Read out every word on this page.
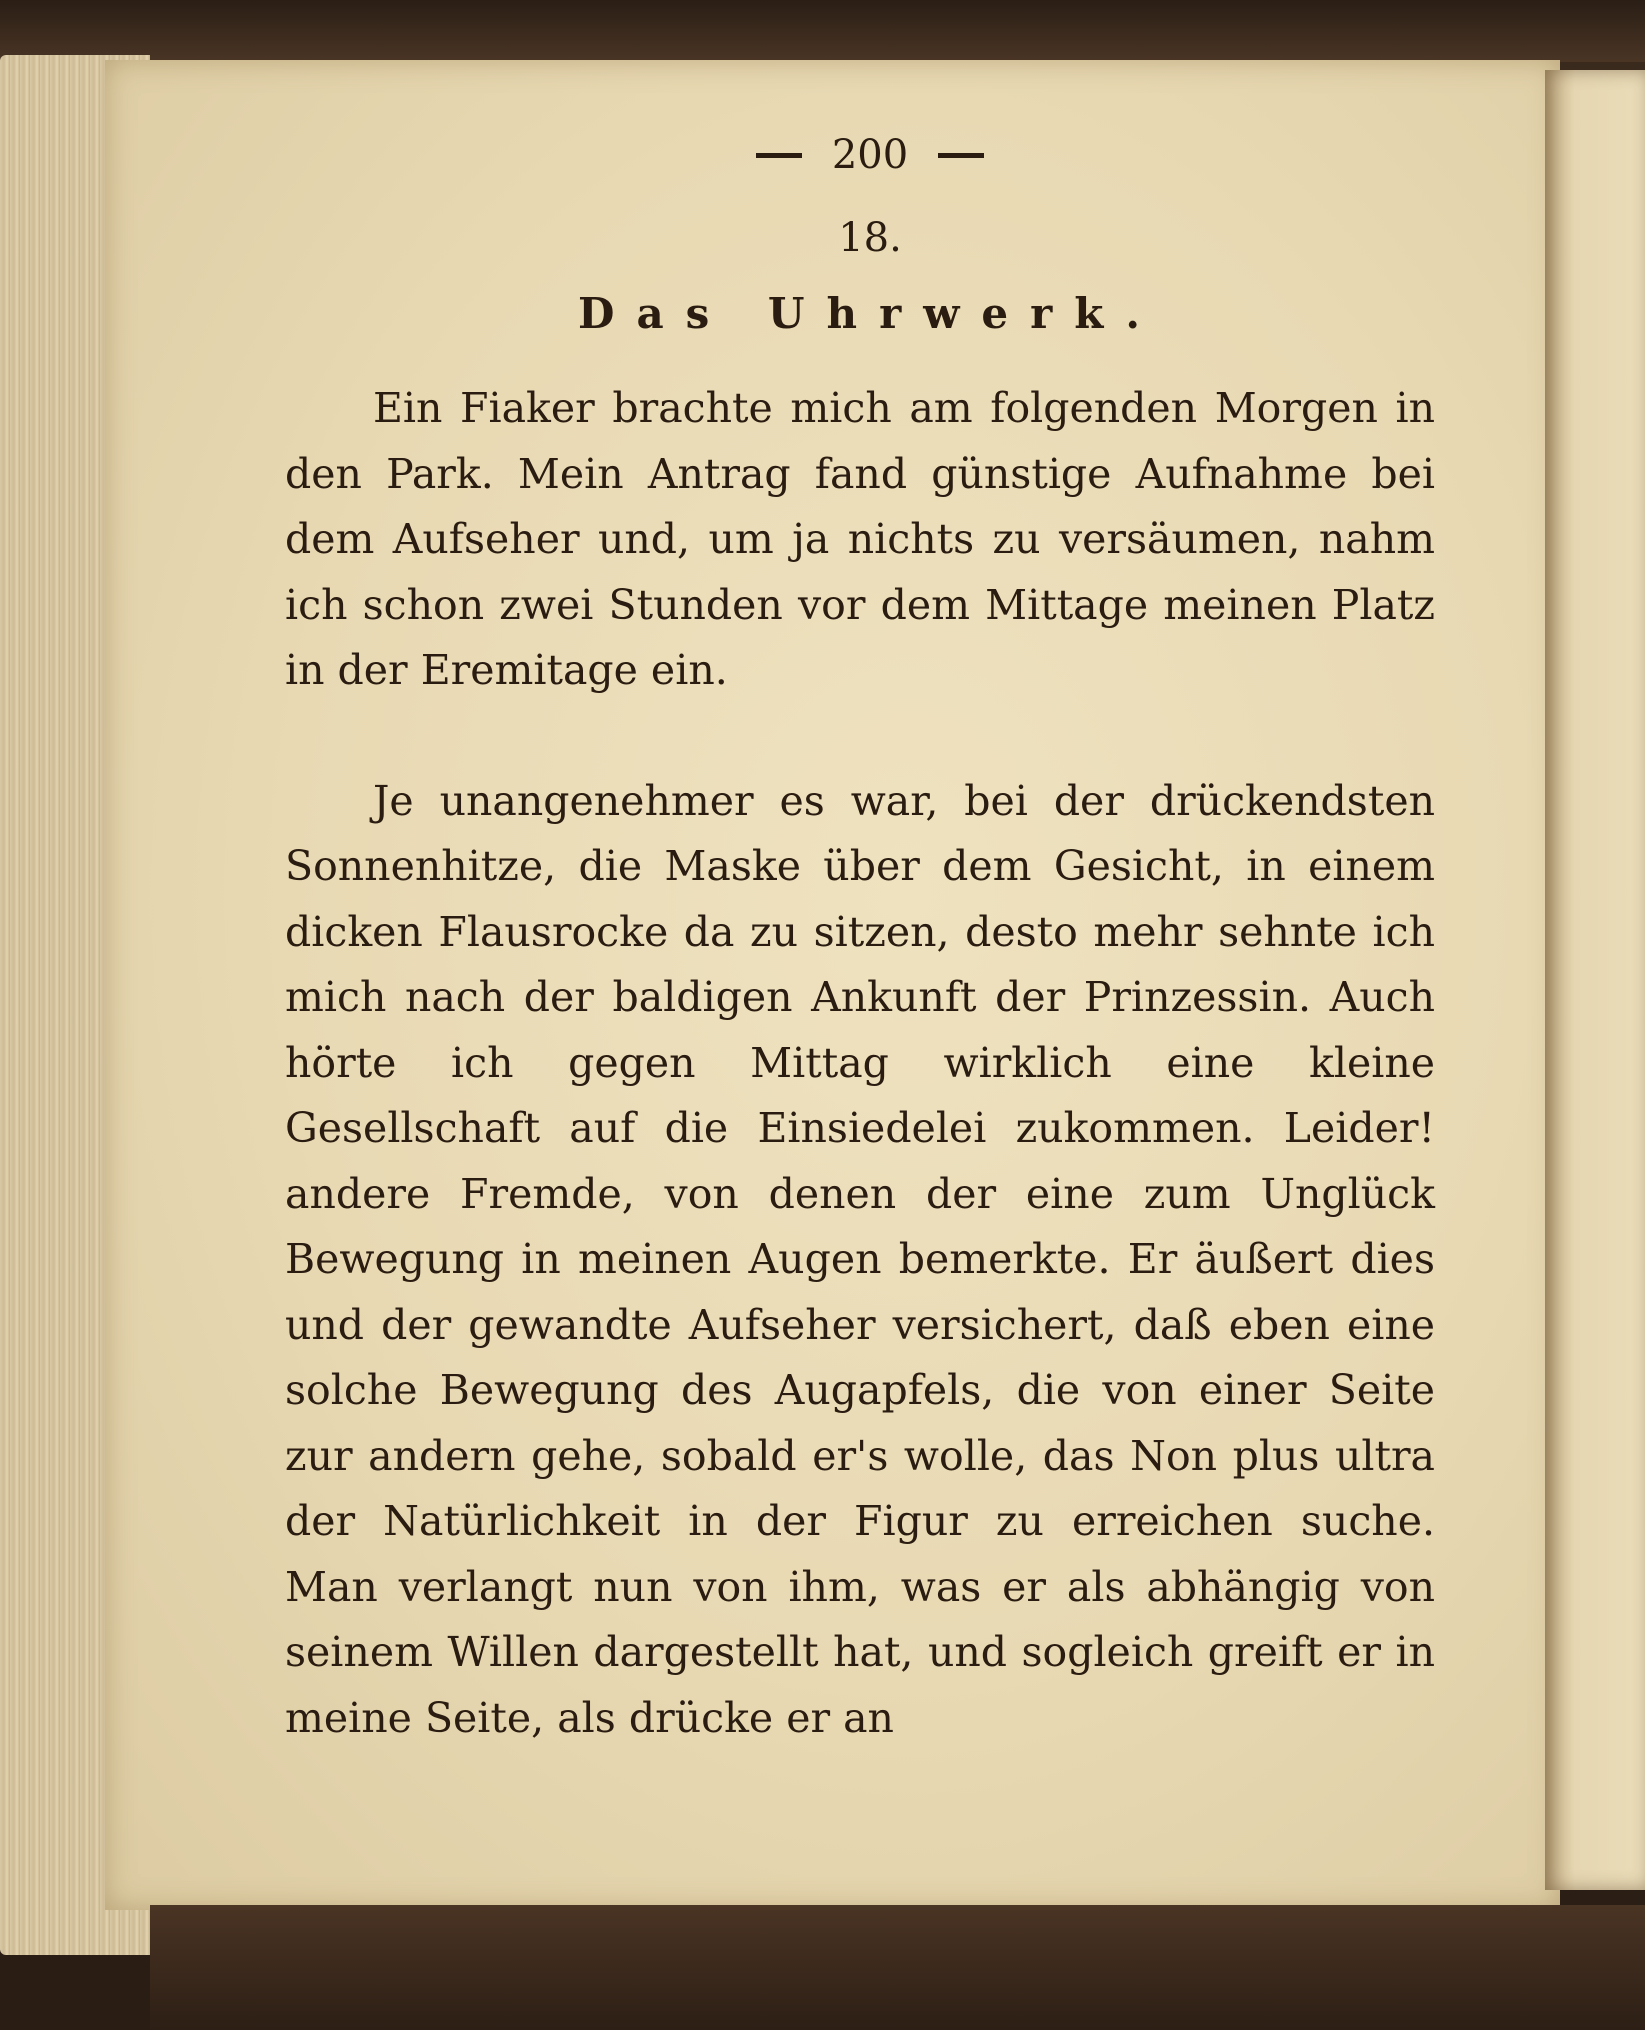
200
18.
Das Uhrwerk.

Ein Fiaker brachte mich am folgenden Morgen in den Park. Mein Antrag fand günstige Aufnahme bei dem Aufseher und, um ja nichts zu versäumen, nahm ich schon zwei Stunden vor dem Mittage meinen Platz in der Eremitage ein.

Je unangenehmer es war, bei der drückendsten Sonnenhitze, die Maske über dem Gesicht, in einem dicken Flausrocke da zu sitzen, desto mehr sehnte ich mich nach der baldigen Ankunft der Prinzessin. Auch hörte ich gegen Mittag wirklich eine kleine Gesellschaft auf die Einsiedelei zukommen. Leider! andere Fremde, von denen der eine zum Unglück Bewegung in meinen Augen bemerkte. Er äußert dies und der gewandte Aufseher versichert, daß eben eine solche Bewegung des Augapfels, die von einer Seite zur andern gehe, sobald er's wolle, das Non plus ultra der Natürlichkeit in der Figur zu erreichen suche. Man verlangt nun von ihm, was er als abhängig von seinem Willen dargestellt hat, und sogleich greift er in meine Seite, als drücke er an
